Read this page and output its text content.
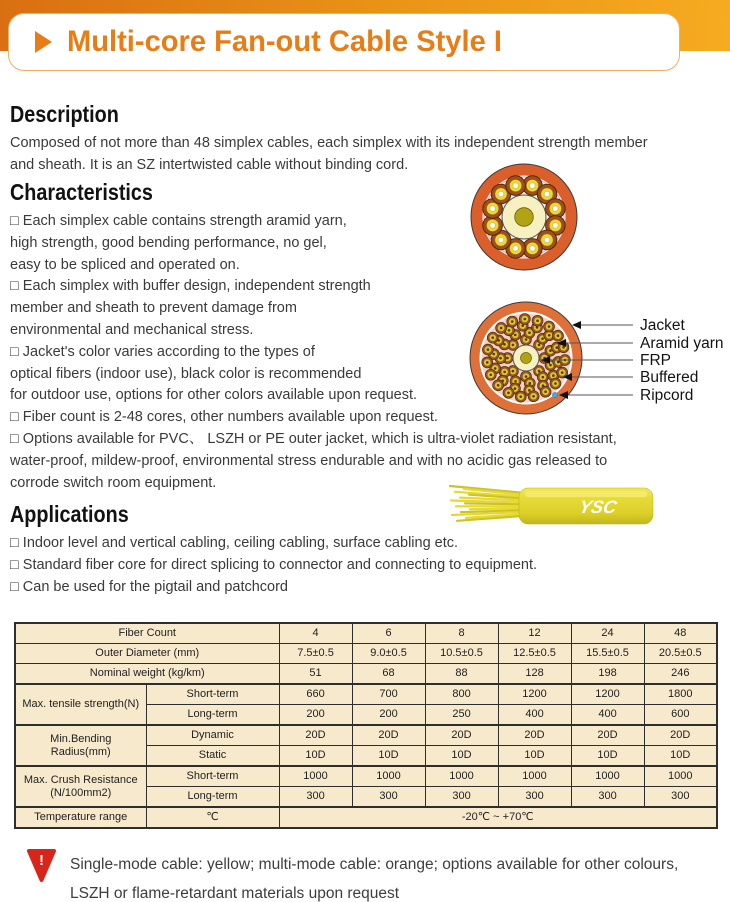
Multi-core Fan-out Cable Style I
Description
Composed of not more than 48 simplex cables, each simplex with its independent strength member
and sheath. It is an SZ intertwisted cable without binding cord.
Characteristics
□ Each simplex cable contains strength aramid yarn,
high strength, good bending performance, no gel,
easy to be spliced and operated on.
□ Each simplex with buffer design, independent strength
member and sheath to prevent damage from
environmental and mechanical stress.
□ Jacket's color varies according to the types of
optical fibers (indoor use), black color is recommended
for outdoor use, options for other colors available upon request.
□ Fiber count is 2-48 cores, other numbers available upon request.
□ Options available for PVC、 LSZH or PE outer jacket, which is ultra-violet radiation resistant,
water-proof, mildew-proof, environmental stress endurable and with no acidic gas released to
corrode switch room equipment.
Applications
□ Indoor level and vertical cabling, ceiling cabling, surface cabling etc.
□ Standard fiber core for direct splicing to connector and connecting to equipment.
□ Can be used for the pigtail and patchcord
Jacket
Aramid yarn
FRP
Buffered
Ripcord
YSC
Fiber Count		4	6	8	12	24	48
Outer Diameter (mm)		7.5±0.5	9.0±0.5	10.5±0.5	12.5±0.5	15.5±0.5	20.5±0.5
Nominal weight (kg/km)		51	68	88	128	198	246
Max. tensile strength(N)	Short-term	660	700	800	1200	1200	1800
	Long-term	200	200	250	400	400	600
Min.Bending Radius(mm)	Dynamic	20D	20D	20D	20D	20D	20D
	Static	10D	10D	10D	10D	10D	10D
Max. Crush Resistance (N/100mm2)	Short-term	1000	1000	1000	1000	1000	1000
	Long-term	300	300	300	300	300	300
Temperature range	℃	-20℃ ~ +70℃					
! Single-mode cable: yellow; multi-mode cable: orange; options available for other colours,
LSZH or flame-retardant materials upon request
